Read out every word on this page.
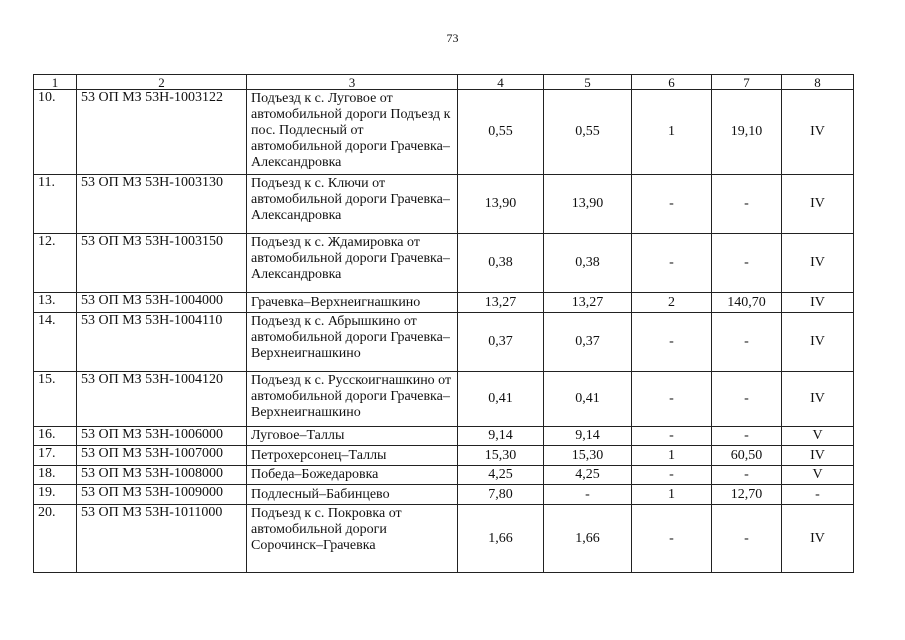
73
1	2	3	4	5	6	7	8
10.	53 ОП МЗ 53Н-1003122	Подъезд к с. Луговое от автомобильной дороги Подъезд к пос. Подлесный от автомобильной дороги Грачевка–Александровка	0,55	0,55	1	19,10	IV
11.	53 ОП МЗ 53Н-1003130	Подъезд к с. Ключи от автомобильной дороги Грачевка–Александровка	13,90	13,90	-	-	IV
12.	53 ОП МЗ 53Н-1003150	Подъезд к с. Ждамировка от автомобильной дороги Грачевка–Александровка	0,38	0,38	-	-	IV
13.	53 ОП МЗ 53Н-1004000	Грачевка–Верхнеигнашкино	13,27	13,27	2	140,70	IV
14.	53 ОП МЗ 53Н-1004110	Подъезд к с. Абрышкино от автомобильной дороги Грачевка–Верхнеигнашкино	0,37	0,37	-	-	IV
15.	53 ОП МЗ 53Н-1004120	Подъезд к с. Русскоигнашкино от автомобильной дороги Грачевка–Верхнеигнашкино	0,41	0,41	-	-	IV
16.	53 ОП МЗ 53Н-1006000	Луговое–Таллы	9,14	9,14	-	-	V
17.	53 ОП МЗ 53Н-1007000	Петрохерсонец–Таллы	15,30	15,30	1	60,50	IV
18.	53 ОП МЗ 53Н-1008000	Победа–Божедаровка	4,25	4,25	-	-	V
19.	53 ОП МЗ 53Н-1009000	Подлесный–Бабинцево	7,80	-	1	12,70	-
20.	53 ОП МЗ 53Н-1011000	Подъезд к с. Покровка от автомобильной дороги Сорочинск–Грачевка	1,66	1,66	-	-	IV
